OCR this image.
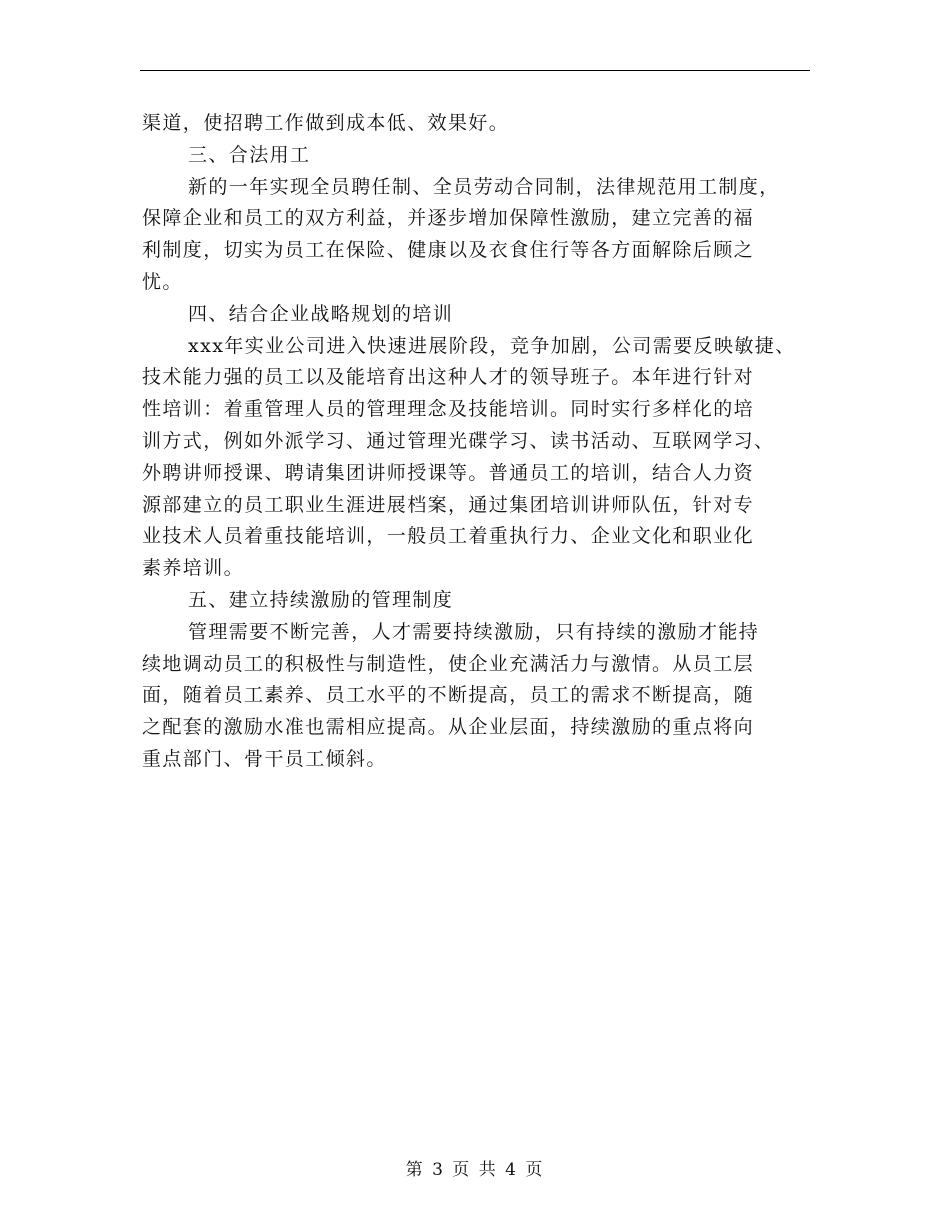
渠道，使招聘工作做到成本低、效果好。
三、合法用工
新的一年实现全员聘任制、全员劳动合同制，法律规范用工制度，
保障企业和员工的双方利益，并逐步增加保障性激励，建立完善的福
利制度，切实为员工在保险、健康以及衣食住行等各方面解除后顾之
忧。
四、结合企业战略规划的培训
xxx年实业公司进入快速进展阶段，竞争加剧，公司需要反映敏捷、
技术能力强的员工以及能培育出这种人才的领导班子。本年进行针对
性培训：着重管理人员的管理理念及技能培训。同时实行多样化的培
训方式，例如外派学习、通过管理光碟学习、读书活动、互联网学习、
外聘讲师授课、聘请集团讲师授课等。普通员工的培训，结合人力资
源部建立的员工职业生涯进展档案，通过集团培训讲师队伍，针对专
业技术人员着重技能培训，一般员工着重执行力、企业文化和职业化
素养培训。
五、建立持续激励的管理制度
管理需要不断完善，人才需要持续激励，只有持续的激励才能持
续地调动员工的积极性与制造性，使企业充满活力与激情。从员工层
面，随着员工素养、员工水平的不断提高，员工的需求不断提高，随
之配套的激励水准也需相应提高。从企业层面，持续激励的重点将向
重点部门、骨干员工倾斜。
第 3 页 共 4 页
